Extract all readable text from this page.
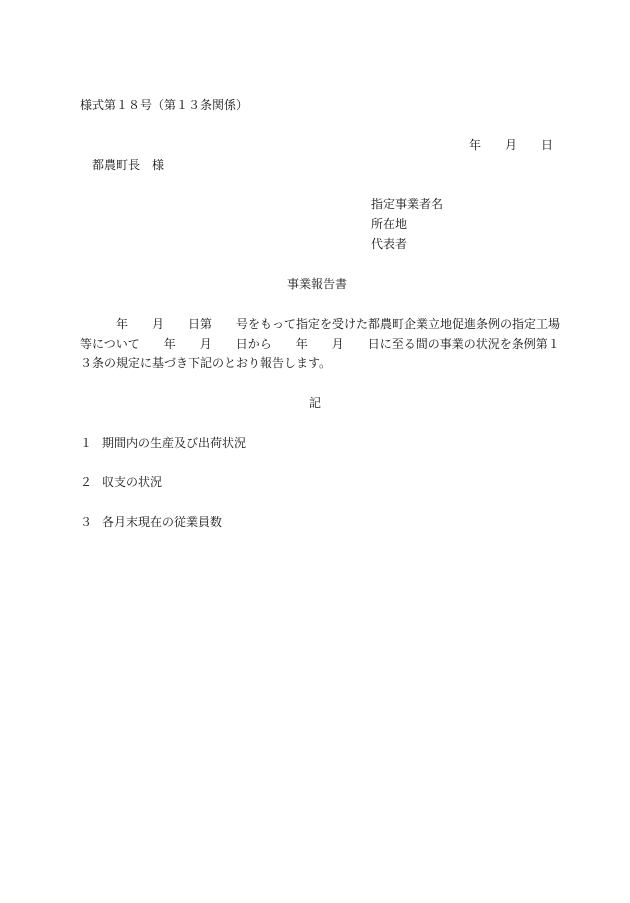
様式第１８号（第１３条関係）
年 月 日
都農町長　様
指定事業者名
所在地
代表者
事業報告書
　　　年　　月　　日第　　号をもって指定を受けた都農町企業立地促進条例の指定工場
等について　　年　　月　　日から　　年　　月　　日に至る間の事業の状況を条例第１
３条の規定に基づき下記のとおり報告します。
記
１ 期間内の生産及び出荷状況
２ 収支の状況
３ 各月末現在の従業員数
